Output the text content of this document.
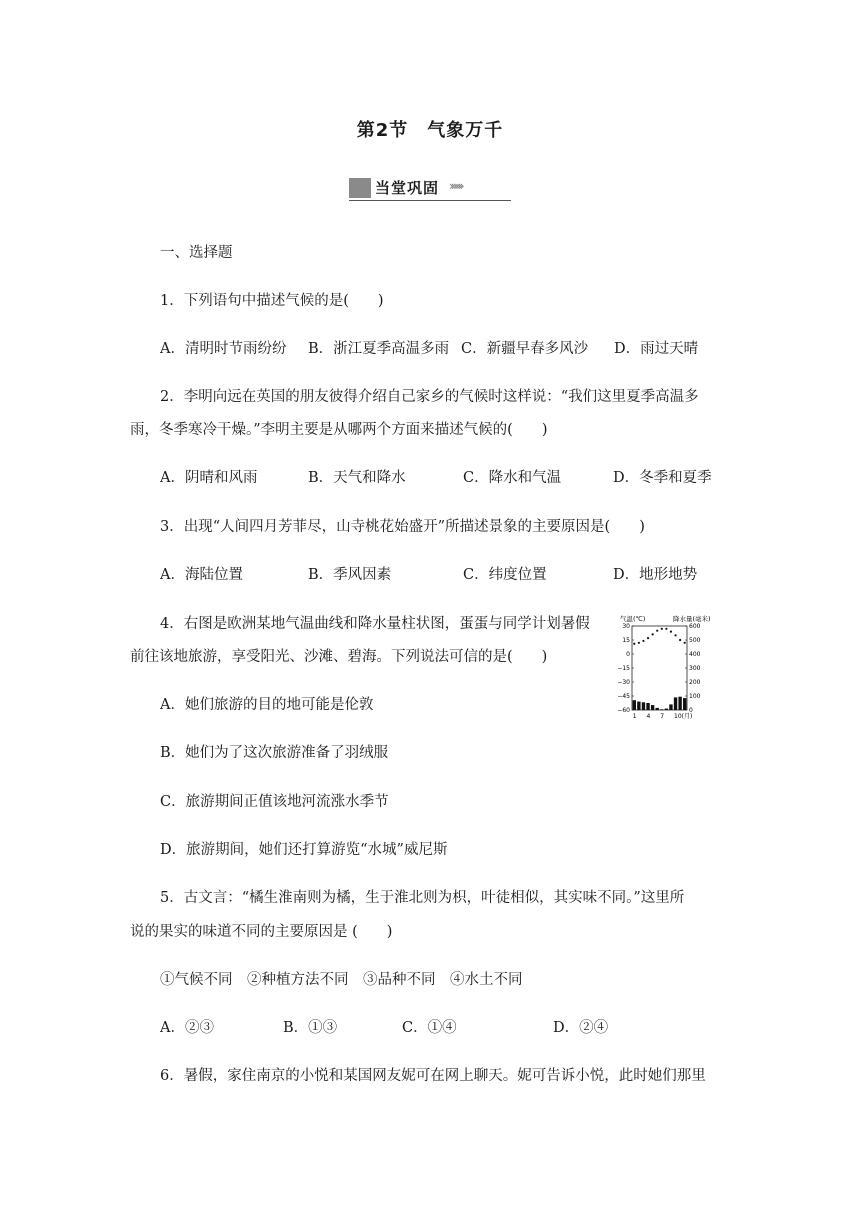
第2节　气象万千
当堂巩固 ›››››››
一、选择题
1．下列语句中描述气候的是(　　)
A．清明时节雨纷纷 B．浙江夏季高温多雨 C．新疆早春多风沙 D．雨过天晴
2．李明向远在英国的朋友彼得介绍自己家乡的气候时这样说：“我们这里夏季高温多
雨，冬季寒冷干燥。”李明主要是从哪两个方面来描述气候的(　　)
A．阴晴和风雨	B．天气和降水	C．降水和气温	D．冬季和夏季
3．出现“人间四月芳菲尽，山寺桃花始盛开”所描述景象的主要原因是(　　)
A．海陆位置	B．季风因素	C．纬度位置	D．地形地势
4．右图是欧洲某地气温曲线和降水量柱状图，蛋蛋与同学计划暑假
前往该地旅游，享受阳光、沙滩、碧海。下列说法可信的是(　　)
A．她们旅游的目的地可能是伦敦
B．她们为了这次旅游准备了羽绒服
C．旅游期间正值该地河流涨水季节
D．旅游期间，她们还打算游览“水城”威尼斯
气温(℃)	降水量(毫米)
30
15
0
−15
−30
−45
−60
600
500
400
300
200
100
0
1 4 7 10(月)
5．古文言：“橘生淮南则为橘，生于淮北则为枳，叶徒相似，其实味不同。”这里所
说的果实的味道不同的主要原因是 (　　)
①气候不同　②种植方法不同　③品种不同　④水土不同
A．②③	B．①③	C．①④	D．②④
6．暑假，家住南京的小悦和某国网友妮可在网上聊天。妮可告诉小悦，此时她们那里
